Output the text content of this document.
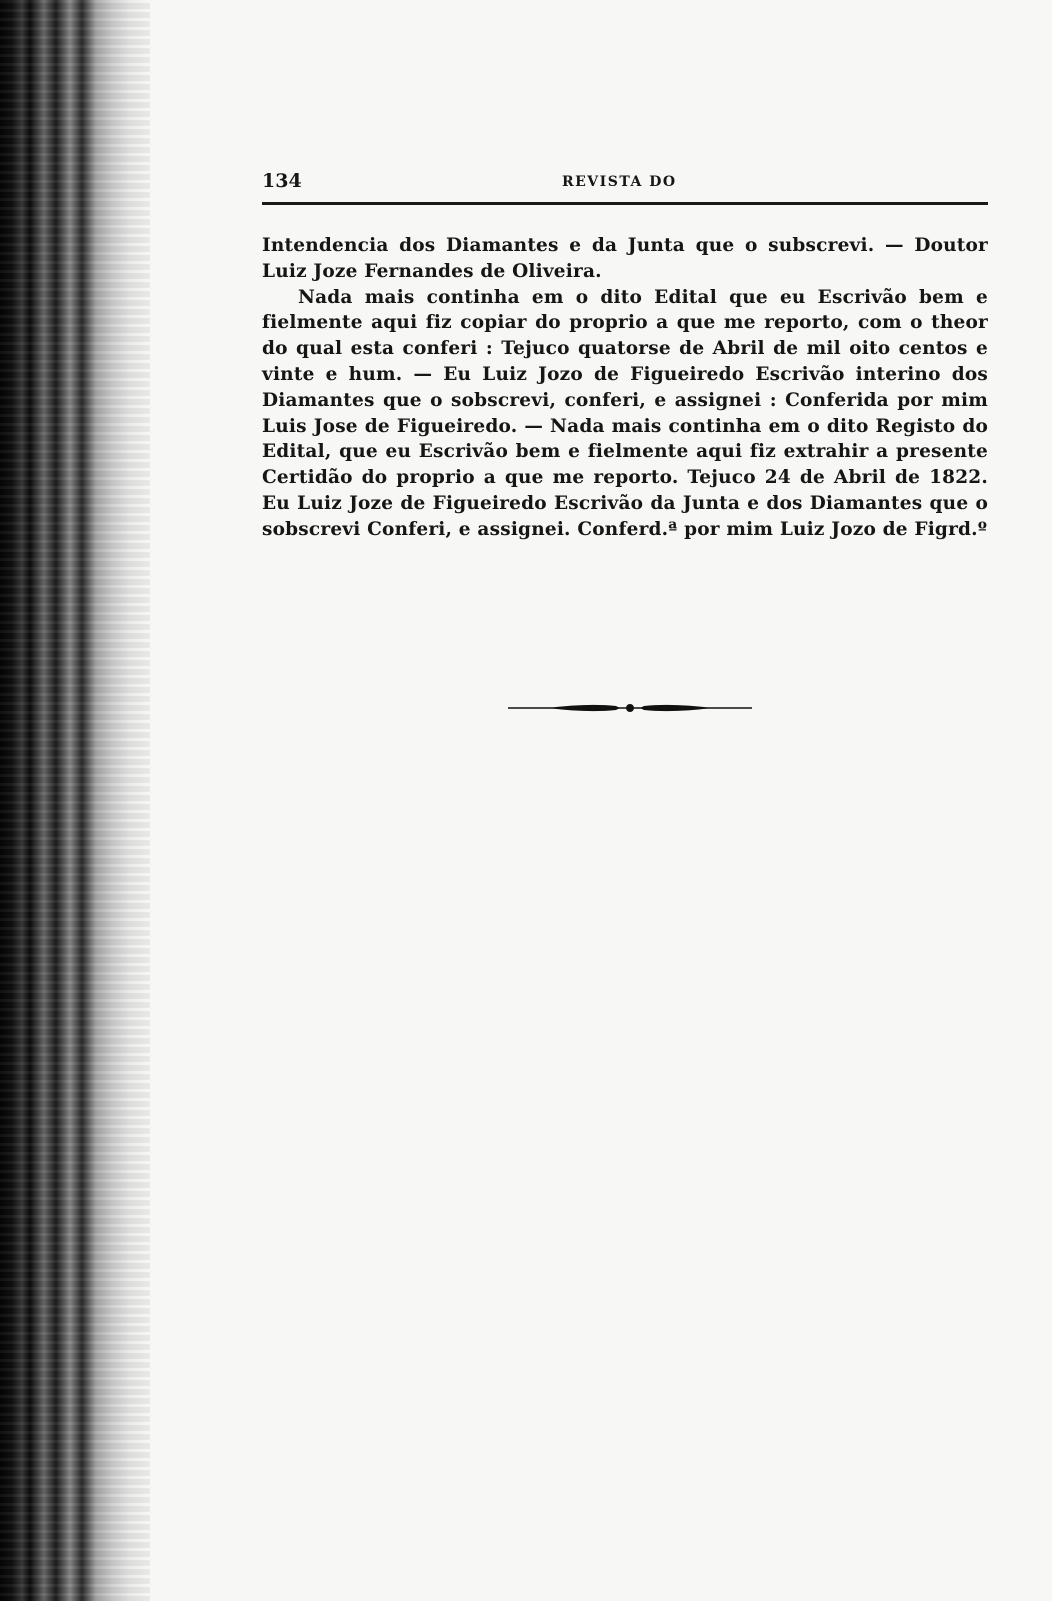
134	REVISTA DO

Intendencia dos Diamantes e da Junta que o subscrevi. — Doutor Luiz Joze Fernandes de Oliveira.

Nada mais continha em o dito Edital que eu Escrivão bem e fielmente aqui fiz copiar do proprio a que me reporto, com o theor do qual esta conferi : Tejuco quatorse de Abril de mil oito centos e vinte e hum. — Eu Luiz Jozo de Figueiredo Escrivão interino dos Diamantes que o sobscrevi, conferi, e assignei : Conferida por mim Luis Jose de Figueiredo. — Nada mais continha em o dito Registo do Edital, que eu Escrivão bem e fielmente aqui fiz extrahir a presente Certidão do proprio a que me reporto. Tejuco 24 de Abril de 1822. Eu Luiz Joze de Figueiredo Escrivão da Junta e dos Diamantes que o sobscrevi Conferi, e assignei. Conferd.ª por mim Luiz Jozo de Figrd.º
